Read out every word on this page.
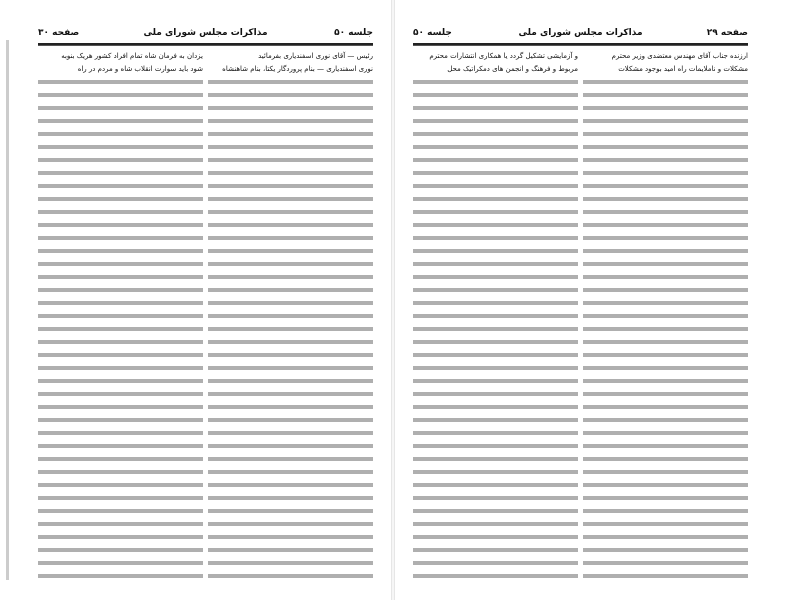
جلسه ۵۰
مذاکرات مجلس شورای ملی
صفحه ۳۰
رئیس — آقای نوری اسفندیاری بفرمائید
نوری اسفندیاری — بنام پروردگار یکتا، بنام شاهنشاه
یزدان به فرمان شاه تمام افراد کشور هریک بنوبه
شود باید سوارت انقلاب شاه و مردم در راه
صفحه ۲۹
مذاکرات مجلس شورای ملی
جلسه ۵۰
ارزنده جناب آقای مهندس معتضدی وزیر محترم
مشکلات و ناملایمات راه امید بوجود مشکلات
و آزمایشی تشکیل گردد یا همکاری انتشارات محترم
مربوط و فرهنگ و انجمن های دمکراتیک محل
